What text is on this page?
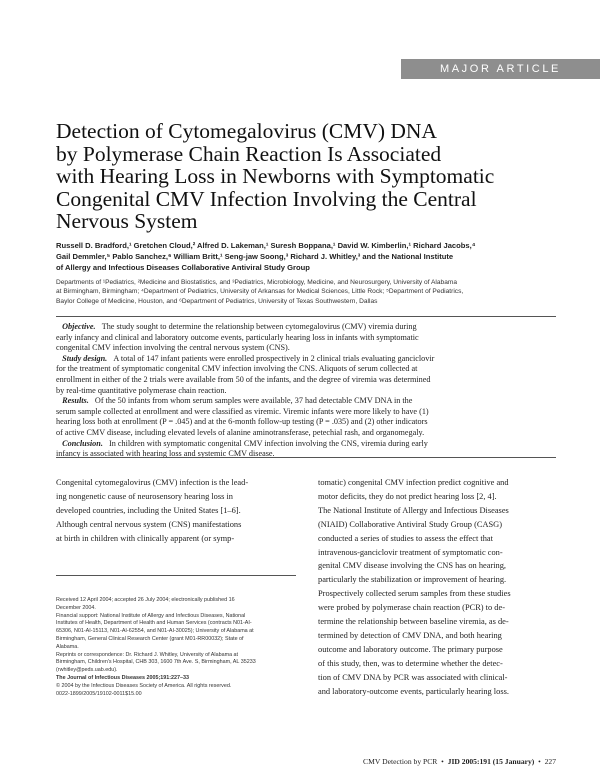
MAJOR ARTICLE
Detection of Cytomegalovirus (CMV) DNA
by Polymerase Chain Reaction Is Associated
with Hearing Loss in Newborns with Symptomatic
Congenital CMV Infection Involving the Central
Nervous System
Russell D. Bradford,¹ Gretchen Cloud,² Alfred D. Lakeman,¹ Suresh Boppana,¹ David W. Kimberlin,¹ Richard Jacobs,⁴
Gail Demmler,⁵ Pablo Sanchez,⁶ William Britt,¹ Seng-jaw Soong,³ Richard J. Whitley,³ and the National Institute
of Allergy and Infectious Diseases Collaborative Antiviral Study Group
Departments of ¹Pediatrics, ²Medicine and Biostatistics, and ³Pediatrics, Microbiology, Medicine, and Neurosurgery, University of Alabama
at Birmingham, Birmingham; ⁴Department of Pediatrics, University of Arkansas for Medical Sciences, Little Rock; ⁵Department of Pediatrics,
Baylor College of Medicine, Houston, and ⁶Department of Pediatrics, University of Texas Southwestern, Dallas
Objective. The study sought to determine the relationship between cytomegalovirus (CMV) viremia during
early infancy and clinical and laboratory outcome events, particularly hearing loss in infants with symptomatic
congenital CMV infection involving the central nervous system (CNS).
Study design. A total of 147 infant patients were enrolled prospectively in 2 clinical trials evaluating ganciclovir
for the treatment of symptomatic congenital CMV infection involving the CNS. Aliquots of serum collected at
enrollment in either of the 2 trials were available from 50 of the infants, and the degree of viremia was determined
by real-time quantitative polymerase chain reaction.
Results. Of the 50 infants from whom serum samples were available, 37 had detectable CMV DNA in the
serum sample collected at enrollment and were classified as viremic. Viremic infants were more likely to have (1)
hearing loss both at enrollment (P = .045) and at the 6-month follow-up testing (P = .035) and (2) other indicators
of active CMV disease, including elevated levels of alanine aminotransferase, petechial rash, and organomegaly.
Conclusion. In children with symptomatic congenital CMV infection involving the CNS, viremia during early
infancy is associated with hearing loss and systemic CMV disease.
Congenital cytomegalovirus (CMV) infection is the lead-
ing nongenetic cause of neurosensory hearing loss in
developed countries, including the United States [1–6].
Although central nervous system (CNS) manifestations
at birth in children with clinically apparent (or symp-
tomatic) congenital CMV infection predict cognitive and
motor deficits, they do not predict hearing loss [2, 4].
The National Institute of Allergy and Infectious Diseases
(NIAID) Collaborative Antiviral Study Group (CASG)
conducted a series of studies to assess the effect that
intravenous-ganciclovir treatment of symptomatic con-
genital CMV disease involving the CNS has on hearing,
particularly the stabilization or improvement of hearing.
Prospectively collected serum samples from these studies
were probed by polymerase chain reaction (PCR) to de-
termine the relationship between baseline viremia, as de-
termined by detection of CMV DNA, and both hearing
outcome and laboratory outcome. The primary purpose
of this study, then, was to determine whether the detec-
tion of CMV DNA by PCR was associated with clinical-
and laboratory-outcome events, particularly hearing loss.
Received 12 April 2004; accepted 26 July 2004; electronically published 16
December 2004.
Financial support: National Institute of Allergy and Infectious Diseases, National
Institutes of Health, Department of Health and Human Services (contracts N01-AI-
65306, N01-AI-15113, N01-AI-62554, and N01-AI-30025); University of Alabama at
Birmingham, General Clinical Research Center (grant M01-RR00032); State of
Alabama.
Reprints or correspondence: Dr. Richard J. Whitley, University of Alabama at
Birmingham, Children's Hospital, CHB 303, 1600 7th Ave. S, Birmingham, AL 35233
(rwhitley@peds.uab.edu).
The Journal of Infectious Diseases 2005;191:227–33
© 2004 by the Infectious Diseases Society of America. All rights reserved.
0022-1899/2005/19102-0011$15.00
CMV Detection by PCR  •  JID 2005:191 (15 January)  •  227
